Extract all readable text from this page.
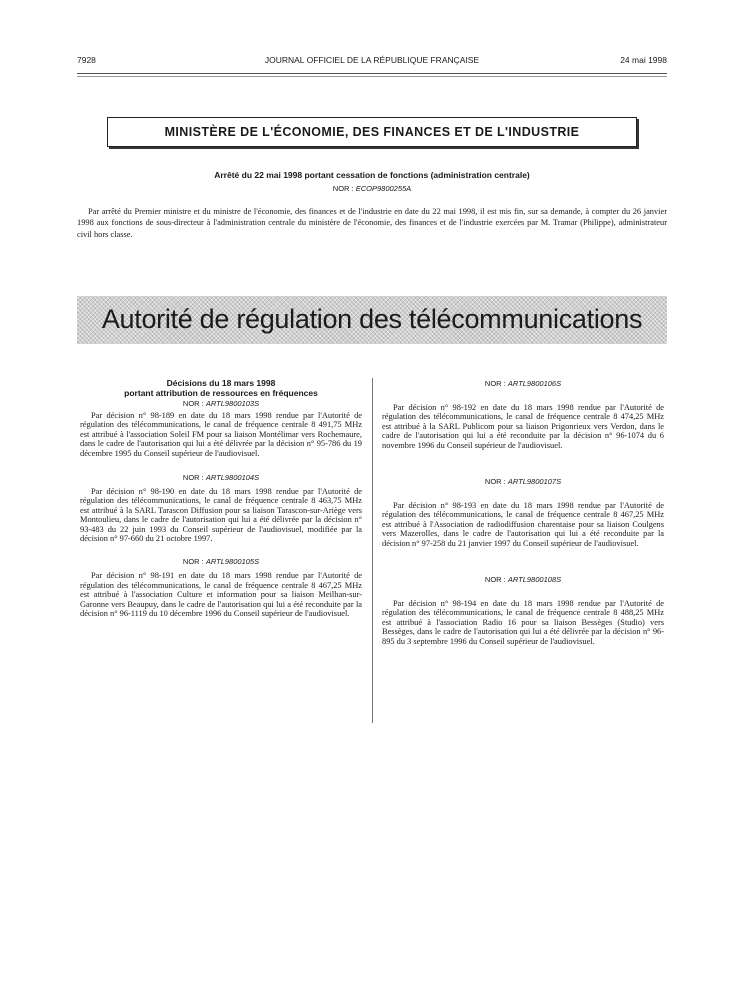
7928	JOURNAL OFFICIEL DE LA RÉPUBLIQUE FRANÇAISE	24 mai 1998
MINISTÈRE DE L'ÉCONOMIE, DES FINANCES ET DE L'INDUSTRIE
Arrêté du 22 mai 1998 portant cessation de fonctions (administration centrale)
NOR : ECOP9800255A

Par arrêté du Premier ministre et du ministre de l'économie, des finances et de l'industrie en date du 22 mai 1998, il est mis fin, sur sa demande, à compter du 26 janvier 1998 aux fonctions de sous-directeur à l'administration centrale du ministère de l'économie, des finances et de l'industrie exercées par M. Tramar (Philippe), administrateur civil hors classe.

Autorité de régulation des télécommunications

Décisions du 18 mars 1998

portant attribution de ressources en fréquences

NOR : ARTL9800103S

Par décision n° 98-189 en date du 18 mars 1998 rendue par l'Autorité de régulation des télécommunications, le canal de fréquence centrale 8 491,75 MHz est attribué à l'association Soleil FM pour sa liaison Montélimar vers Rochemaure, dans le cadre de l'autorisation qui lui a été délivrée par la décision n° 95-786 du 19 décembre 1995 du Conseil supérieur de l'audiovisuel.

NOR : ARTL9800104S

Par décision n° 98-190 en date du 18 mars 1998 rendue par l'Autorité de régulation des télécommunications, le canal de fréquence centrale 8 463,75 MHz est attribué à la SARL Tarascon Diffusion pour sa liaison Tarascon-sur-Ariège vers Montoulieu, dans le cadre de l'autorisation qui lui a été délivrée par la décision n° 93-483 du 22 juin 1993 du Conseil supérieur de l'audiovisuel, modifiée par la décision n° 97-660 du 21 octobre 1997.

NOR : ARTL9800105S

Par décision n° 98-191 en date du 18 mars 1998 rendue par l'Autorité de régulation des télécommunications, le canal de fréquence centrale 8 467,25 MHz est attribué à l'association Culture et information pour sa liaison Meilhan-sur-Garonne vers Beaupuy, dans le cadre de l'autorisation qui lui a été reconduite par la décision n° 96-1119 du 10 décembre 1996 du Conseil supérieur de l'audiovisuel.

NOR : ARTL9800106S

Par décision n° 98-192 en date du 18 mars 1998 rendue par l'Autorité de régulation des télécommunications, le canal de fréquence centrale 8 474,25 MHz est attribué à la SARL Publicom pour sa liaison Prigonrieux vers Verdon, dans le cadre de l'autorisation qui lui a été reconduite par la décision n° 96-1074 du 6 novembre 1996 du Conseil supérieur de l'audiovisuel.

NOR : ARTL9800107S

Par décision n° 98-193 en date du 18 mars 1998 rendue par l'Autorité de régulation des télécommunications, le canal de fréquence centrale 8 467,25 MHz est attribué à l'Association de radiodiffusion charentaise pour sa liaison Coulgens vers Mazerolles, dans le cadre de l'autorisation qui lui a été reconduite par la décision n° 97-258 du 21 janvier 1997 du Conseil supérieur de l'audiovisuel.

NOR : ARTL9800108S

Par décision n° 98-194 en date du 18 mars 1998 rendue par l'Autorité de régulation des télécommunications, le canal de fréquence centrale 8 488,25 MHz est attribué à l'association Radio 16 pour sa liaison Bessèges (Studio) vers Bessèges, dans le cadre de l'autorisation qui lui a été délivrée par la décision n° 96-895 du 3 septembre 1996 du Conseil supérieur de l'audiovisuel.
